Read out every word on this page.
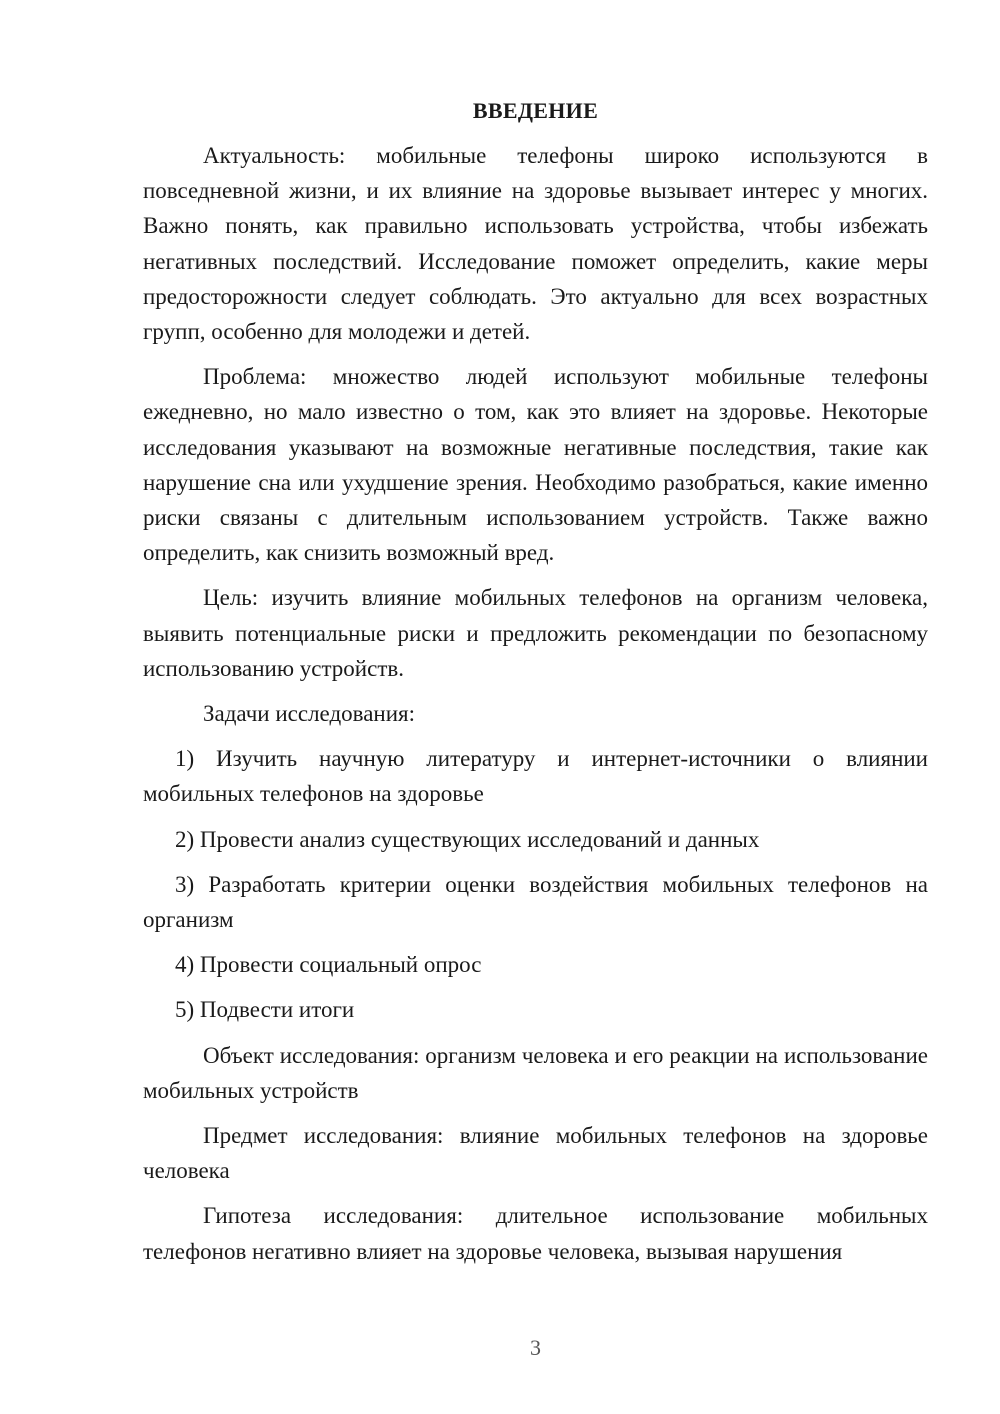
ВВЕДЕНИЕ

Актуальность: мобильные телефоны широко используются в повседневной жизни, и их влияние на здоровье вызывает интерес у многих. Важно понять, как правильно использовать устройства, чтобы избежать негативных последствий. Исследование поможет определить, какие меры предосторожности следует соблюдать. Это актуально для всех возрастных групп, особенно для молодежи и детей.

Проблема: множество людей используют мобильные телефоны ежедневно, но мало известно о том, как это влияет на здоровье. Некоторые исследования указывают на возможные негативные последствия, такие как нарушение сна или ухудшение зрения. Необходимо разобраться, какие именно риски связаны с длительным использованием устройств. Также важно определить, как снизить возможный вред.

Цель: изучить влияние мобильных телефонов на организм человека, выявить потенциальные риски и предложить рекомендации по безопасному использованию устройств.

Задачи исследования:

1) Изучить научную литературу и интернет-источники о влиянии мобильных телефонов на здоровье

2) Провести анализ существующих исследований и данных

3) Разработать критерии оценки воздействия мобильных телефонов на организм

4) Провести социальный опрос

5) Подвести итоги

Объект исследования: организм человека и его реакции на использование мобильных устройств

Предмет исследования: влияние мобильных телефонов на здоровье человека

Гипотеза исследования: длительное использование мобильных телефонов негативно влияет на здоровье человека, вызывая нарушения

3
